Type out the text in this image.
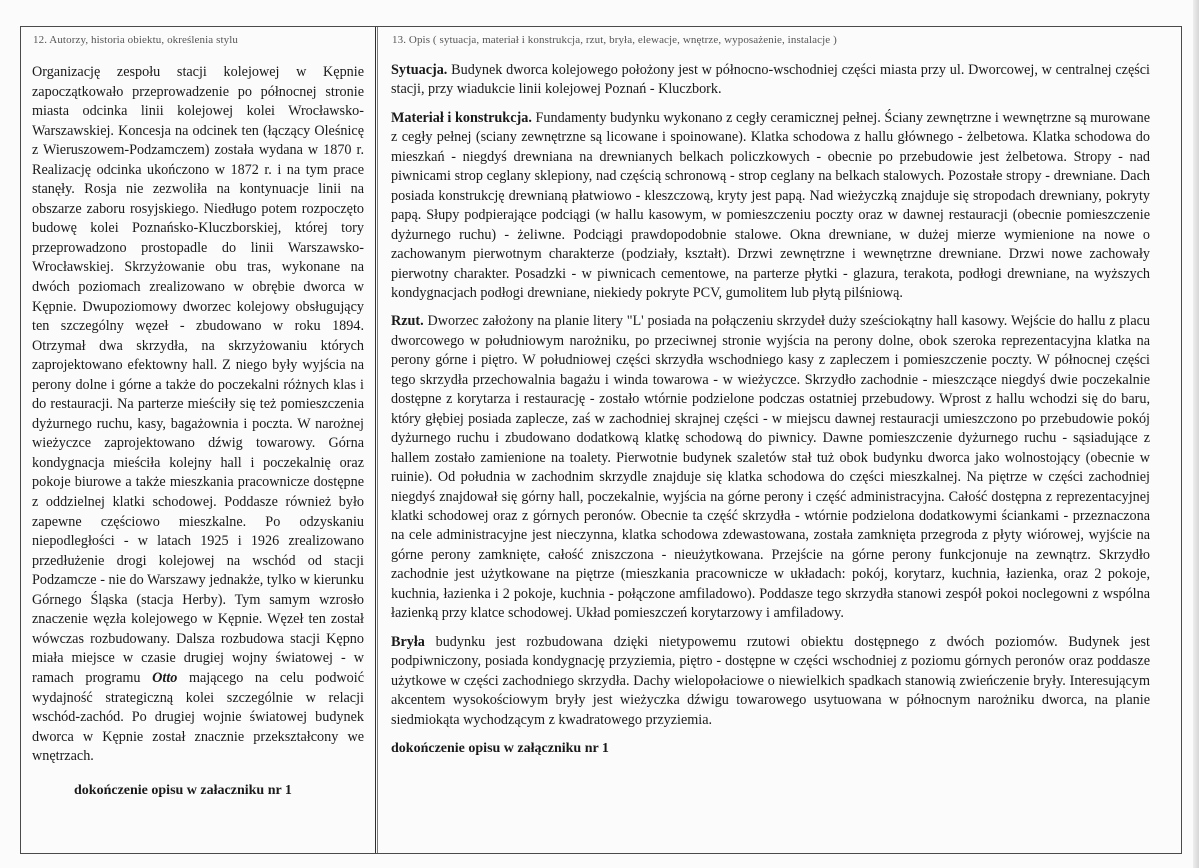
12. Autorzy, historia obiektu, określenia stylu	13. Opis ( sytuacja, materiał i konstrukcja, rzut, bryła, elewacje, wnętrze, wyposażenie, instalacje )

Organizację zespołu stacji kolejowej w Kępnie zapoczątkowało przeprowadzenie po północnej stronie miasta odcinka linii kolejowej kolei Wrocławsko-Warszawskiej. Koncesja na odcinek ten (łączący Oleśnicę z Wieruszowem-Podzamczem) została wydana w 1870 r. Realizację odcinka ukończono w 1872 r. i na tym prace stanęły. Rosja nie zezwoliła na kontynuacje linii na obszarze zaboru rosyjskiego. Niedługo potem rozpoczęto budowę kolei Poznańsko-Kluczborskiej, której tory przeprowadzono prostopadle do linii Warszawsko-Wrocławskiej. Skrzyżowanie obu tras, wykonane na dwóch poziomach zrealizowano w obrębie dworca w Kępnie. Dwupoziomowy dworzec kolejowy obsługujący ten szczególny węzeł - zbudowano w roku 1894. Otrzymał dwa skrzydła, na skrzyżowaniu których zaprojektowano efektowny hall. Z niego były wyjścia na perony dolne i górne a także do poczekalni różnych klas i do restauracji. Na parterze mieściły się też pomieszczenia dyżurnego ruchu, kasy, bagażownia i poczta. W narożnej wieżyczce zaprojektowano dźwig towarowy. Górna kondygnacja mieściła kolejny hall i poczekalnię oraz pokoje biurowe a także mieszkania pracownicze dostępne z oddzielnej klatki schodowej. Poddasze również było zapewne częściowo mieszkalne. Po odzyskaniu niepodległości - w latach 1925 i 1926 zrealizowano przedłużenie drogi kolejowej na wschód od stacji Podzamcze - nie do Warszawy jednakże, tylko w kierunku Górnego Śląska (stacja Herby). Tym samym wzrosło znaczenie węzła kolejowego w Kępnie. Węzeł ten został wówczas rozbudowany. Dalsza rozbudowa stacji Kępno miała miejsce w czasie drugiej wojny światowej - w ramach programu Otto mającego na celu podwoić wydajność strategiczną kolei szczególnie w relacji wschód-zachód. Po drugiej wojnie światowej budynek dworca w Kępnie został znacznie przekształcony we wnętrzach.

dokończenie opisu w załaczniku nr 1

Sytuacja. Budynek dworca kolejowego położony jest w północno-wschodniej części miasta przy ul. Dworcowej, w centralnej części stacji, przy wiadukcie linii kolejowej Poznań - Kluczbork.

Materiał i konstrukcja. Fundamenty budynku wykonano z cegły ceramicznej pełnej. Ściany zewnętrzne i wewnętrzne są murowane z cegły pełnej (sciany zewnętrzne są licowane i spoinowane). Klatka schodowa z hallu głównego - żelbetowa. Klatka schodowa do mieszkań - niegdyś drewniana na drewnianych belkach policzkowych - obecnie po przebudowie jest żelbetowa. Stropy - nad piwnicami strop ceglany sklepiony, nad częścią schronową - strop ceglany na belkach stalowych. Pozostałe stropy - drewniane. Dach posiada konstrukcję drewnianą płatwiowo - kleszczową, kryty jest papą. Nad wieżyczką znajduje się stropodach drewniany, pokryty papą. Słupy podpierające podciągi (w hallu kasowym, w pomieszczeniu poczty oraz w dawnej restauracji (obecnie pomieszczenie dyżurnego ruchu) - żeliwne. Podciągi prawdopodobnie stalowe. Okna drewniane, w dużej mierze wymienione na nowe o zachowanym pierwotnym charakterze (podziały, kształt). Drzwi zewnętrzne i wewnętrzne drewniane. Drzwi nowe zachowały pierwotny charakter. Posadzki - w piwnicach cementowe, na parterze płytki - glazura, terakota, podłogi drewniane, na wyższych kondygnacjach podłogi drewniane, niekiedy pokryte PCV, gumolitem lub płytą pilśniową.

Rzut. Dworzec założony na planie litery "L' posiada na połączeniu skrzydeł duży sześciokątny hall kasowy. Wejście do hallu z placu dworcowego w południowym narożniku, po przeciwnej stronie wyjścia na perony dolne, obok szeroka reprezentacyjna klatka na perony górne i piętro. W południowej części skrzydła wschodniego kasy z zapleczem i pomieszczenie poczty. W północnej części tego skrzydła przechowalnia bagażu i winda towarowa - w wieżyczce. Skrzydło zachodnie - mieszczące niegdyś dwie poczekalnie dostępne z korytarza i restaurację - zostało wtórnie podzielone podczas ostatniej przebudowy. Wprost z hallu wchodzi się do baru, który głębiej posiada zaplecze, zaś w zachodniej skrajnej części - w miejscu dawnej restauracji umieszczono po przebudowie pokój dyżurnego ruchu i zbudowano dodatkową klatkę schodową do piwnicy. Dawne pomieszczenie dyżurnego ruchu - sąsiadujące z hallem zostało zamienione na toalety. Pierwotnie budynek szaletów stał tuż obok budynku dworca jako wolnostojący (obecnie w ruinie). Od południa w zachodnim skrzydle znajduje się klatka schodowa do części mieszkalnej. Na piętrze w części zachodniej niegdyś znajdował się górny hall, poczekalnie, wyjścia na górne perony i część administracyjna. Całość dostępna z reprezentacyjnej klatki schodowej oraz z górnych peronów. Obecnie ta część skrzydła - wtórnie podzielona dodatkowymi ściankami - przeznaczona na cele administracyjne jest nieczynna, klatka schodowa zdewastowana, została zamknięta przegroda z płyty wiórowej, wyjście na górne perony zamknięte, całość zniszczona - nieużytkowana. Przejście na górne perony funkcjonuje na zewnątrz. Skrzydło zachodnie jest użytkowane na piętrze (mieszkania pracownicze w układach: pokój, korytarz, kuchnia, łazienka, oraz 2 pokoje, kuchnia, łazienka i 2 pokoje, kuchnia - połączone amfiladowo). Poddasze tego skrzydła stanowi zespół pokoi noclegowni z wspólna łazienką przy klatce schodowej. Układ pomieszczeń korytarzowy i amfiladowy.

Bryła budynku jest rozbudowana dzięki nietypowemu rzutowi obiektu dostępnego z dwóch poziomów. Budynek jest podpiwniczony, posiada kondygnację przyziemia, piętro - dostępne w części wschodniej z poziomu górnych peronów oraz poddasze użytkowe w części zachodniego skrzydła. Dachy wielopołaciowe o niewielkich spadkach stanowią zwieńczenie bryły. Interesującym akcentem wysokościowym bryły jest wieżyczka dźwigu towarowego usytuowana w północnym narożniku dworca, na planie siedmiokąta wychodzącym z kwadratowego przyziemia.

dokończenie opisu w załączniku nr 1
